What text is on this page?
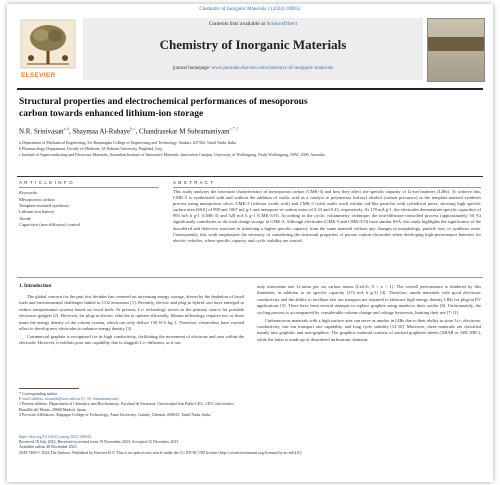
Chemistry of Inorganic Materials 2 (2024) 100032
ELSEVIER
Contents lists available at ScienceDirect
Chemistry of Inorganic Materials
journal homepage: www.journals.elsevier.com/chemistry-of-inorganic-materials
Structural properties and electrochemical performances of mesoporous
carbon towards enhanced lithium-ion storage
N.R. Srinivasan$^{a,b}$, Shaymaa Al-Rubaye$^{b,c}$, Chandrasekar M Subramaniyam$^{c,*,1}$
a Department of Mechanical Engineering, Sri Shanmugha College of Engineering and Technology, Sankari, 637304, Tamil Nadu, India
b Pharmacology Department, Faculty of Medicine, Al-Nahrain University, Baghdad, Iraq
c Institute of Superconducting and Electronic Materials, Australian Institute of Innovative Materials, Innovation Campus, University of Wollongong, North Wollongong, NSW, 2500, Australia
A R T I C L E I N F O
Keywords:
Mesoporous carbon
Template-assisted synthesis
Lithium-ion battery
Anode
Capacitive (non-diffusive) control
A B S T R A C T
This study analyses the structural characteristics of mesoporous carbon (CMK-3) and how they affect the specific capacity of Li-ion batteries (LIBs). To achieve this, CMK-3 is synthesized with and without the addition of oxalic acid as a catalyst to polymerize furfuryl alcohol (carbon precursor) in the template-assisted synthesis process using mesoporous silica. CMK-3 (without oxalic acid) and CMK-3 (with oxalic acid) exhibit rod-like particles with cylindrical pores, showing high specific surface area (SSA) of 998 and 1067 m2 g-1 and mesopore-to-carbon ratios of 0.23 and 0.43, respectively. At 178 mA g-1, the electrodes demonstrate specific capacities of 993 mA h g-1 (CMK-3) and 520 mA h g-1 (CMK-3/O). According to the cyclic voltammetry technique, the non-diffusion-controlled process (approximately 50 %) significantly contributes to the total charge storage in CMK-3. Although electrodes (CMK-3 and CMK-3/O) have similar SSA, this study highlights the significance of the disordered and defective structure in achieving a higher specific capacity from the same material without any changes in morphology, particle size, or synthesis route. Consequently, this work emphasizes the necessity of considering the structural properties of porous carbon electrodes when developing high-performance batteries for electric vehicles, where specific capacity and cyclic stability are crucial.
1. Introduction

The global concern for the past few decades has centered on increasing energy storage, driven by the depletion of fossil fuels and environmental challenges linked to CO2 emissions [1]. Recently, electric and plug-in hybrid cars have emerged to reduce transportation systems based on fossil fuels. At present, Li+ technology serves as the primary source for portable electronic gadgets [2]. However, for plug-in electric vehicles to operate efficiently, lithium technology requires two or three times the energy density of the current system, which can only deliver 150 W h kg-1. Therefore, researchers have exerted effort to develop new electrodes to enhance energy density [3].

Commercial graphite is recognized for its high conductivity, facilitating the movement of electrons and ions within the electrode. However, it exhibits poor rate capability due to sluggish Li+ diffusion, as it can

only intercalate one Li-atom per six carbon atoms (LixC6, 0 < x < 1). The overall performance is hindered by this limitation, in addition to its specific capacity (372 mA h g-1) [4]. Therefore, anode materials with good electronic conductivity and the ability to facilitate fast ion transport are required to fabricate high energy density LIBs for plug-in EV applications [5]. There have been several attempts to replace graphite using metals/or their oxides [6]. Unfortunately, the cycling process is accompanied by considerable volume change and voltage hysteresis, limiting their use [7-11].

Carbonaceous materials with a high surface area can serve as anodes in LIBs due to their ability to store Li+, electronic conductivity, fast ion transport rate capability, and long cycle stability [12-16]. Moreover, these materials are classified mainly into graphitic and non-graphitic. The graphitic material consists of stacked graphene sheets (ABAB or ABCABC), while the latter is made up of disordered turbostratic domains

* Corresponding author.
E-mail address: msrmith@uow.edu.au (C. M. Subramaniyam).
1 Present address: Department of Chemistry and Biochemistry, Facultad de Farmacia, Universidad San Pablo-CEU, CEU Universities, Boadilla del Monte, 28668 Madrid, Spain.
2 Previous Affiliation: Alagappa College of Technology, Anna University, Guindy, Chennai, 600025, Tamil Nadu, India.
https://doi.org/10.1016/j.cinorg.2023.100032
Received 18 July 2023; Received in revised form 19 November 2023; Accepted 22 December 2023
Available online 28 December 2023
2949-7469/© 2024 The Authors. Published by Elsevier B.V. This is an open access article under the CC BY-NC-ND license (http://creativecommons.org/licenses/by-nc-nd/4.0/).
